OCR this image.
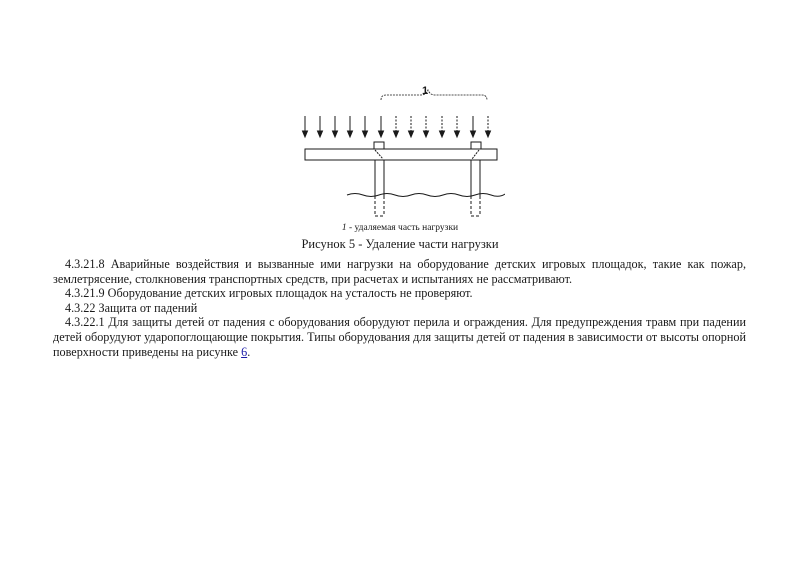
1
1 - удаляемая часть нагрузки
Рисунок 5 - Удаление части нагрузки

4.3.21.8 Аварийные воздействия и вызванные ими нагрузки на оборудование детских игровых площадок, такие как пожар, землетрясение, столкновения транспортных средств, при расчетах и испытаниях не рассматривают.

4.3.21.9 Оборудование детских игровых площадок на усталость не проверяют.

4.3.22 Защита от падений

4.3.22.1 Для защиты детей от падения с оборудования оборудуют перила и ограждения. Для предупреждения травм при падении детей оборудуют ударопоглощающие покрытия. Типы оборудования для защиты детей от падения в зависимости от высоты опорной поверхности приведены на рисунке 6.
